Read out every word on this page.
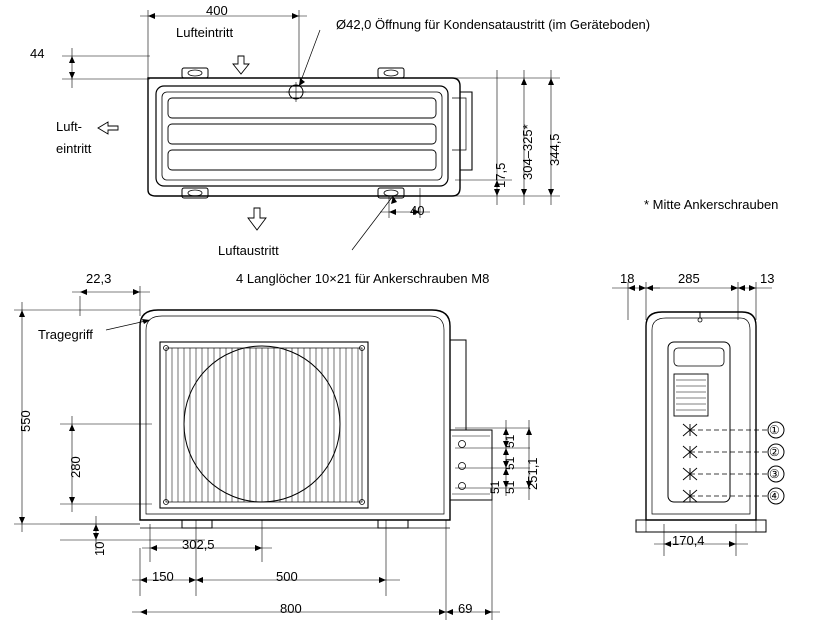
400
Lufteintritt
44
Ø42,0 Öffnung für Kondensataustritt (im Geräteboden)
Luft-
eintritt
Luftaustritt
40
17,5 304–325* 344,5
* Mitte Ankerschrauben
4 Langlöcher 10×21 für Ankerschrauben M8
22,3
Tragegriff
550
280
10	302,5
150	500
800	69
51
51
51 51 251,1
18	285	13
170,4
①
②
③
④
